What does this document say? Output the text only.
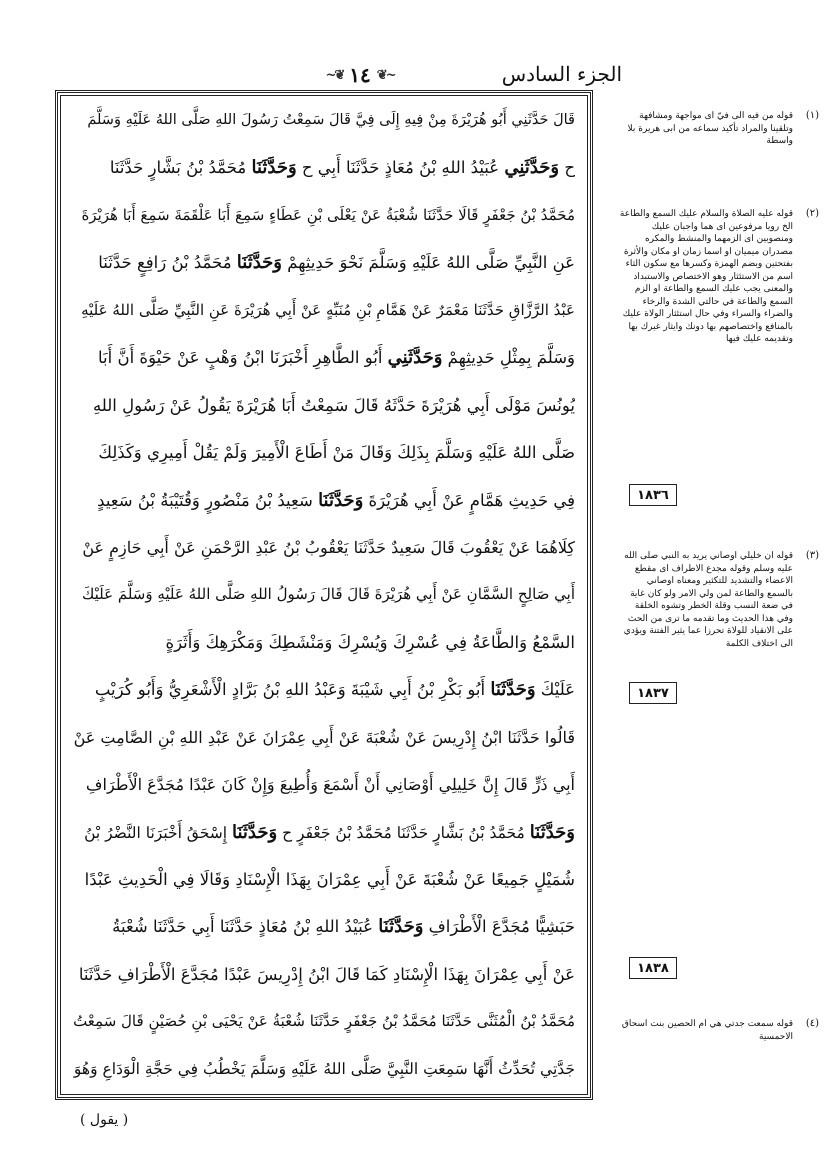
الجزء السادس
~❦ ١٤ ❦~
قَالَ حَدَّثَنِي أَبُو هُرَيْرَةَ مِنْ فِيهِ إِلَى فِيَّ قَالَ سَمِعْتُ رَسُولَ اللهِ صَلَّى اللهُ عَلَيْهِ وَسَلَّمَ
ح وَحَدَّثَنِي عُبَيْدُ اللهِ بْنُ مُعَاذٍ حَدَّثَنَا أَبِي ح وَحَدَّثَنَا مُحَمَّدُ بْنُ بَشَّارٍ حَدَّثَنَا
مُحَمَّدُ بْنُ جَعْفَرٍ قَالَا حَدَّثَنَا شُعْبَةُ عَنْ يَعْلَى بْنِ عَطَاءٍ سَمِعَ أَبَا عَلْقَمَةَ سَمِعَ أَبَا هُرَيْرَةَ
عَنِ النَّبِيِّ صَلَّى اللهُ عَلَيْهِ وَسَلَّمَ نَحْوَ حَدِيثِهِمْ وَحَدَّثَنَا مُحَمَّدُ بْنُ رَافِعٍ حَدَّثَنَا
عَبْدُ الرَّزَّاقِ حَدَّثَنَا مَعْمَرٌ عَنْ هَمَّامِ بْنِ مُنَبِّهٍ عَنْ أَبِي هُرَيْرَةَ عَنِ النَّبِيِّ صَلَّى اللهُ عَلَيْهِ
وَسَلَّمَ بِمِثْلِ حَدِيثِهِمْ وَحَدَّثَنِي أَبُو الطَّاهِرِ أَخْبَرَنَا ابْنُ وَهْبٍ عَنْ حَيْوَةَ أَنَّ أَبَا
يُونُسَ مَوْلَى أَبِي هُرَيْرَةَ حَدَّثَهُ قَالَ سَمِعْتُ أَبَا هُرَيْرَةَ يَقُولُ عَنْ رَسُولِ اللهِ
صَلَّى اللهُ عَلَيْهِ وَسَلَّمَ بِذَلِكَ وَقَالَ مَنْ أَطَاعَ الْأَمِيرَ وَلَمْ يَقُلْ أَمِيرِي وَكَذَلِكَ
فِي حَدِيثِ هَمَّامٍ عَنْ أَبِي هُرَيْرَةَ وَحَدَّثَنَا سَعِيدُ بْنُ مَنْصُورٍ وَقُتَيْبَةُ بْنُ سَعِيدٍ
كِلَاهُمَا عَنْ يَعْقُوبَ قَالَ سَعِيدٌ حَدَّثَنَا يَعْقُوبُ بْنُ عَبْدِ الرَّحْمَنِ عَنْ أَبِي حَازِمٍ عَنْ
أَبِي صَالِحٍ السَّمَّانِ عَنْ أَبِي هُرَيْرَةَ قَالَ قَالَ رَسُولُ اللهِ صَلَّى اللهُ عَلَيْهِ وَسَلَّمَ عَلَيْكَ
السَّمْعُ وَالطَّاعَةُ فِي عُسْرِكَ وَيُسْرِكَ وَمَنْشَطِكَ وَمَكْرَهِكَ وَأَثَرَةٍ
عَلَيْكَ وَحَدَّثَنَا أَبُو بَكْرِ بْنُ أَبِي شَيْبَةَ وَعَبْدُ اللهِ بْنُ بَرَّادٍ الْأَشْعَرِيُّ وَأَبُو كُرَيْبٍ
قَالُوا حَدَّثَنَا ابْنُ إِدْرِيسَ عَنْ شُعْبَةَ عَنْ أَبِي عِمْرَانَ عَنْ عَبْدِ اللهِ بْنِ الصَّامِتِ عَنْ
أَبِي ذَرٍّ قَالَ إِنَّ خَلِيلِي أَوْصَانِي أَنْ أَسْمَعَ وَأُطِيعَ وَإِنْ كَانَ عَبْدًا مُجَدَّعَ الْأَطْرَافِ
وَحَدَّثَنَا مُحَمَّدُ بْنُ بَشَّارٍ حَدَّثَنَا مُحَمَّدُ بْنُ جَعْفَرٍ ح وَحَدَّثَنَا إِسْحَقُ أَخْبَرَنَا النَّضْرُ بْنُ
شُمَيْلٍ جَمِيعًا عَنْ شُعْبَةَ عَنْ أَبِي عِمْرَانَ بِهَذَا الْإِسْنَادِ وَقَالَا فِي الْحَدِيثِ عَبْدًا
حَبَشِيًّا مُجَدَّعَ الْأَطْرَافِ وَحَدَّثَنَا عُبَيْدُ اللهِ بْنُ مُعَاذٍ حَدَّثَنَا أَبِي حَدَّثَنَا شُعْبَةُ
عَنْ أَبِي عِمْرَانَ بِهَذَا الْإِسْنَادِ كَمَا قَالَ ابْنُ إِدْرِيسَ عَبْدًا مُجَدَّعَ الْأَطْرَافِ حَدَّثَنَا
مُحَمَّدُ بْنُ الْمُثَنَّى حَدَّثَنَا مُحَمَّدُ بْنُ جَعْفَرٍ حَدَّثَنَا شُعْبَةُ عَنْ يَحْيَى بْنِ حُصَيْنٍ قَالَ سَمِعْتُ
جَدَّتِي تُحَدِّثُ أَنَّهَا سَمِعَتِ النَّبِيَّ صَلَّى اللهُ عَلَيْهِ وَسَلَّمَ يَخْطُبُ فِي حَجَّةِ الْوَدَاعِ وَهُوَ
(١)
قوله من فيه الى فيّ اى مواجهة ومشافهة وتلقينا والمراد تأكيد سماعه من ابى هريرة بلا واسطة
(٢)
قوله عليه الصلاة والسلام عليك السمع والطاعة الخ رويا مرفوعين اى هما واجبان عليك ومنصوبين اى الزمهما والمنشط والمكره مصدران ميميان او اسما زمان او مكان والأثرة بفتحتين وبضم الهمزة وكسرها مع سكون الثاء اسم من الاستئثار وهو الاختصاص والاستبداد والمعنى يجب عليك السمع والطاعة او الزم السمع والطاعة في حالتي الشدة والرخاء والضراء والسراء وفي حال استئثار الولاة عليك بالمنافع واختصاصهم بها دونك وايثار غيرك بها وتقديمه عليك فيها
(٣)
قوله ان خليلي اوصاني يريد به النبي صلى الله عليه وسلم وقوله مجدع الاطراف اى مقطع الاعضاء والتشديد للتكثير ومعناه اوصاني بالسمع والطاعة لمن ولي الامر ولو كان غاية في ضعة النسب وقلة الخطر وتشوه الخلقة وفي هذا الحديث وما تقدمه ما ترى من الحث على الانقياد للولاة تحرزا عما يثير الفتنة ويؤدي الى اختلاف الكلمة
(٤)
قوله سمعت جدتي هي ام الحصين بنت اسحاق الاحمسية
١٨٣٦
١٨٣٧
١٨٣٨
( يقول )
